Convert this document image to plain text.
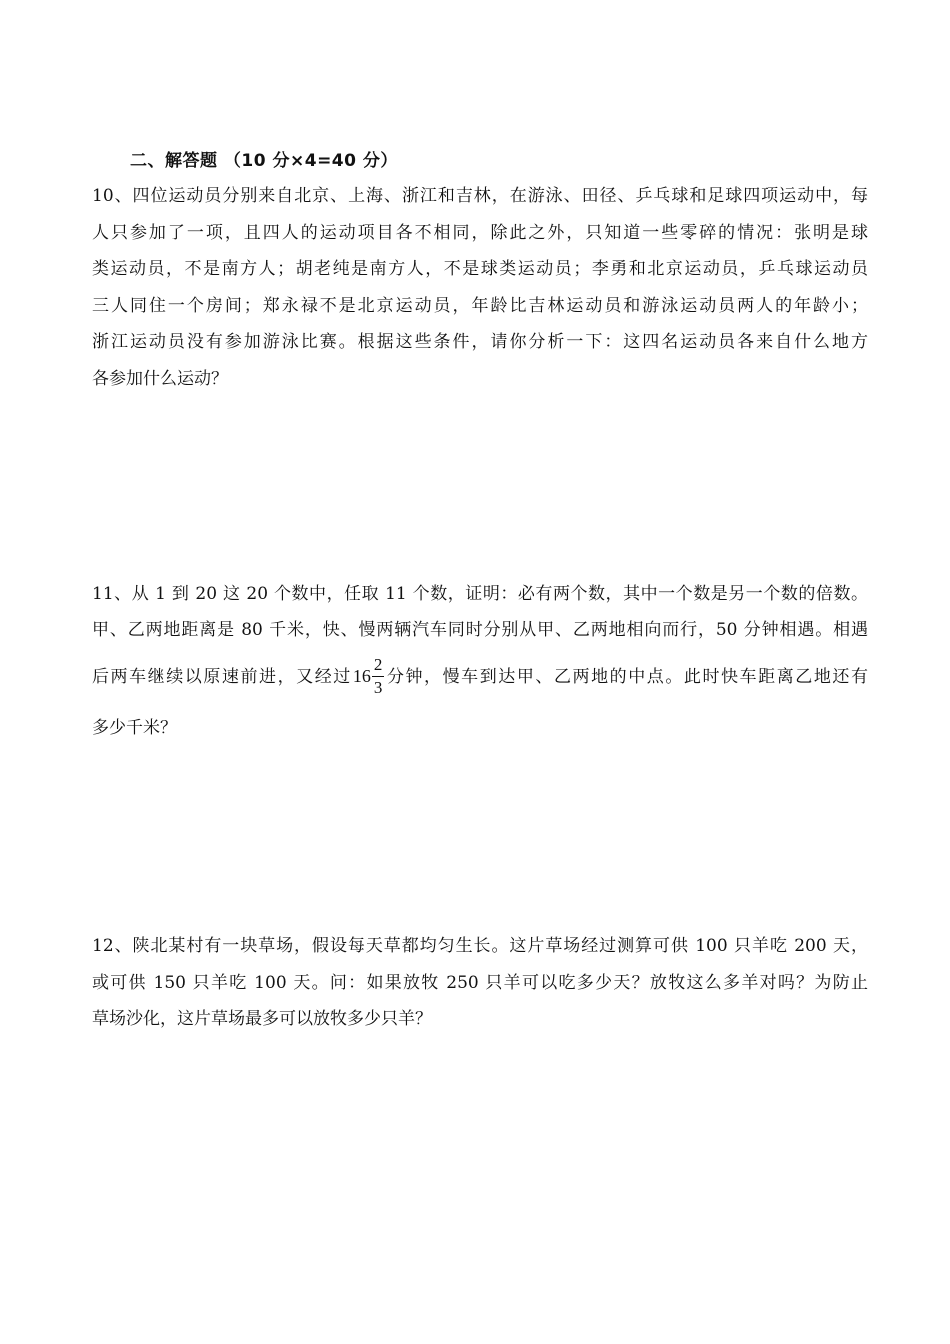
二、解答题 （10 分×4=40 分）
10、四位运动员分别来自北京、上海、浙江和吉林，在游泳、田径、乒乓球和足球四项运动中，每
人只参加了一项，且四人的运动项目各不相同，除此之外，只知道一些零碎的情况：张明是球
类运动员，不是南方人；胡老纯是南方人，不是球类运动员；李勇和北京运动员，乒乓球运动员
三人同住一个房间；郑永禄不是北京运动员，年龄比吉林运动员和游泳运动员两人的年龄小；
浙江运动员没有参加游泳比赛。根据这些条件，请你分析一下：这四名运动员各来自什么地方
各参加什么运动？
11、从 1 到 20 这 20 个数中，任取 11 个数，证明：必有两个数，其中一个数是另一个数的倍数。
甲、乙两地距离是 80 千米，快、慢两辆汽车同时分别从甲、乙两地相向而行，50 分钟相遇。相遇
后两车继续以原速前进，又经过$16 \frac{2}{3}$ 分钟，慢车到达甲、乙两地的中点。此时快车距离乙地还有
多少千米？
12、陕北某村有一块草场，假设每天草都均匀生长。这片草场经过测算可供 100 只羊吃 200 天，
或可供 150 只羊吃 100 天。问：如果放牧 250 只羊可以吃多少天？放牧这么多羊对吗？为防止
草场沙化，这片草场最多可以放牧多少只羊？
